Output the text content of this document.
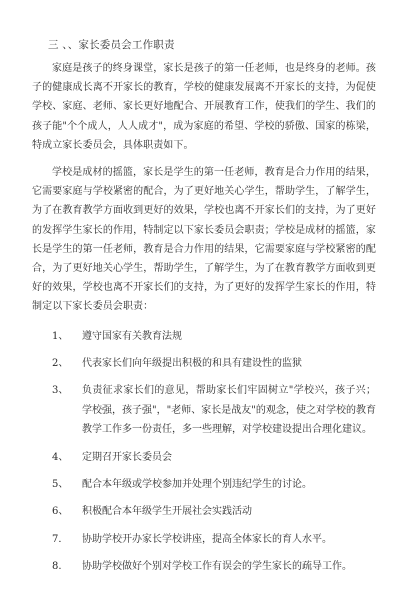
三 、、家长委员会工作职责

家庭是孩子的终身课堂，家长是孩子的第一任老师，也是终身的老师。孩子的健康成长离不开家长的教育，学校的健康发展离不开家长的支持，为促使学校、家庭、老师、家长更好地配合、开展教育工作，使我们的学生、我们的孩子能"个个成人，人人成才"，成为家庭的希望、学校的骄傲、国家的栋梁，特成立家长委员会，具体职责如下。

学校是成材的摇篮，家长是学生的第一任老师，教育是合力作用的结果，它需要家庭与学校紧密的配合，为了更好地关心学生，帮助学生，了解学生，为了在教育教学方面收到更好的效果，学校也离不开家长们的支持，为了更好的发挥学生家长的作用，特制定以下家长委员会职责；学校是成材的摇篮，家长是学生的第一任老师，教育是合力作用的结果，它需要家庭与学校紧密的配合，为了更好地关心学生，帮助学生，了解学生，为了在教育教学方面收到更好的效果，学校也离不开家长们的支持，为了更好的发挥学生家长的作用，特制定以下家长委员会职责：

1、	遵守国家有关教育法规
2、	代表家长们向年级提出积极的和具有建设性的监狱
3、	负责征求家长们的意见，帮助家长们牢固树立"学校兴，孩子兴；学校强，孩子强"，"老师、家长是战友"的观念，使之对学校的教育教学工作多一份责任，多一些理解，对学校建设提出合理化建议。
4、	定期召开家长委员会
5、	配合本年级或学校参加并处理个别违纪学生的讨论。
6、	积极配合本年级学生开展社会实践活动
7．	协助学校开办家长学校讲座，提高全体家长的育人水平。
8.	协助学校做好个别对学校工作有误会的学生家长的疏导工作。
